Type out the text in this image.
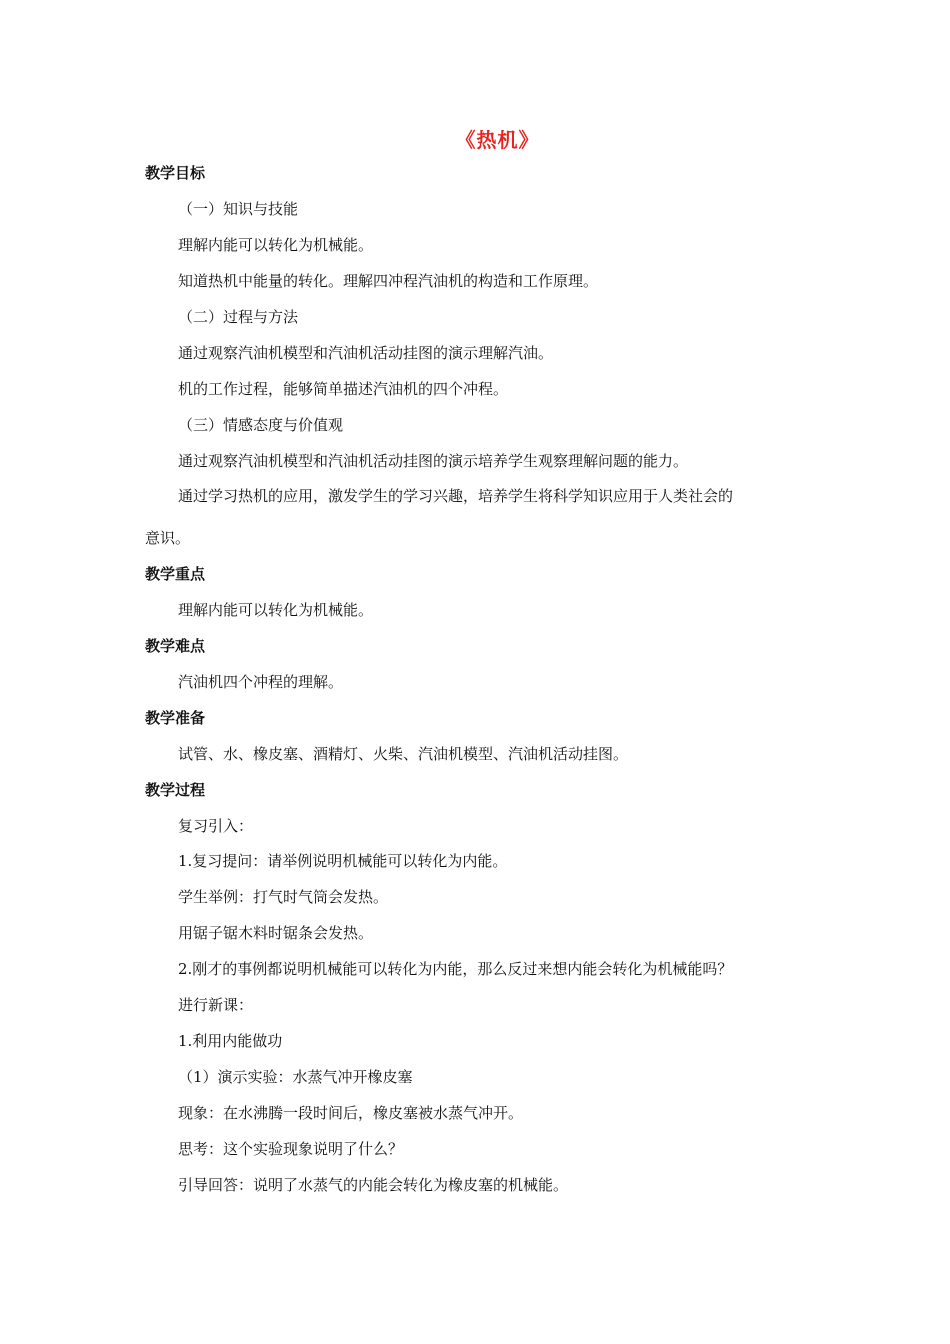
《热机》
教学目标
（一）知识与技能
理解内能可以转化为机械能。
知道热机中能量的转化。理解四冲程汽油机的构造和工作原理。
（二）过程与方法
通过观察汽油机模型和汽油机活动挂图的演示理解汽油。
机的工作过程，能够简单描述汽油机的四个冲程。
（三）情感态度与价值观
通过观察汽油机模型和汽油机活动挂图的演示培养学生观察理解问题的能力。
通过学习热机的应用，激发学生的学习兴趣，培养学生将科学知识应用于人类社会的
意识。
教学重点
理解内能可以转化为机械能。
教学难点
汽油机四个冲程的理解。
教学准备
试管、水、橡皮塞、酒精灯、火柴、汽油机模型、汽油机活动挂图。
教学过程
复习引入：
1.复习提问：请举例说明机械能可以转化为内能。
学生举例：打气时气筒会发热。
用锯子锯木料时锯条会发热。
2.刚才的事例都说明机械能可以转化为内能，那么反过来想内能会转化为机械能吗？
进行新课：
1.利用内能做功
（1）演示实验：水蒸气冲开橡皮塞
现象：在水沸腾一段时间后，橡皮塞被水蒸气冲开。
思考：这个实验现象说明了什么？
引导回答：说明了水蒸气的内能会转化为橡皮塞的机械能。
